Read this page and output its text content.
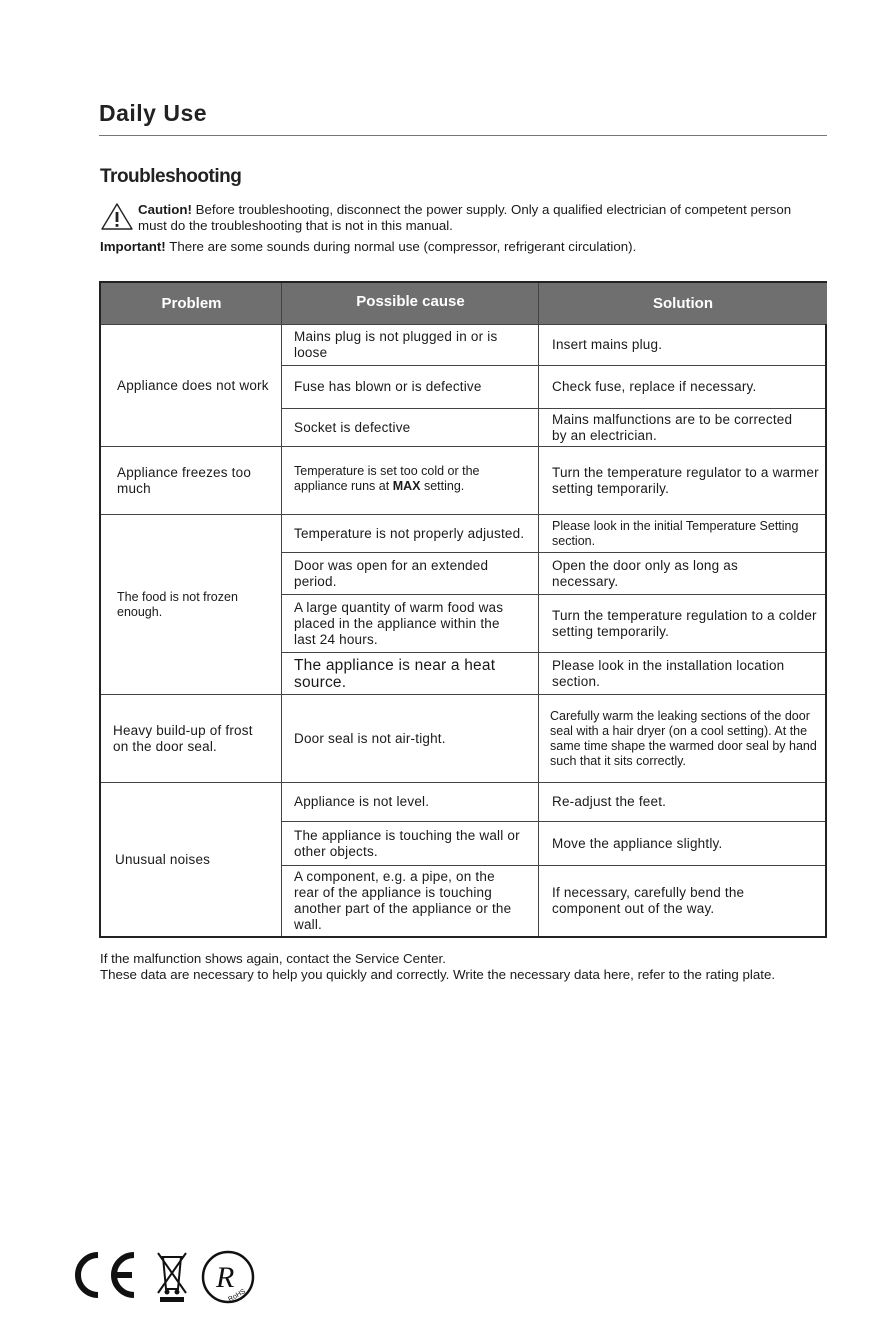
Daily Use
Troubleshooting
Caution! Before troubleshooting, disconnect the power supply. Only a qualified electrician of competent person must do the troubleshooting that is not in this manual.
Important! There are some sounds during normal use (compressor, refrigerant circulation).
Problem	Possible cause	Solution
Appliance does not work
Appliance freezes too much
The food is not frozen enough.
Heavy build-up of frost on the door seal.
Unusual noises
Mains plug is not plugged in or is loose
Fuse has blown or is defective
Socket is defective
Temperature is set too cold or the appliance runs at MAX setting.
Temperature is not properly adjusted.
Door was open for an extended period.
A large quantity of warm food was placed in the appliance within the last 24 hours.
The appliance is near a heat source.
Door seal is not air-tight.
Appliance is not level.
The appliance is touching the wall or other objects.
A component, e.g. a pipe, on the rear of the appliance is touching another part of the appliance or the wall.
Insert mains plug.
Check fuse, replace if necessary.
Mains malfunctions are to be corrected by an electrician.
Turn the temperature regulator to a warmer setting temporarily.
Please look in the initial Temperature Setting section.
Open the door only as long as necessary.
Turn the temperature regulation to a colder setting temporarily.
Please look in the installation location section.
Carefully warm the leaking sections of the door seal with a hair dryer (on a cool setting). At the same time shape the warmed door seal by hand such that it sits correctly.
Re-adjust the feet.
Move the appliance slightly.
If necessary, carefully bend the component out of the way.
If the malfunction shows again, contact the Service Center.
These data are necessary to help you quickly and correctly. Write the necessary data here, refer to the rating plate.
R
RoHS
